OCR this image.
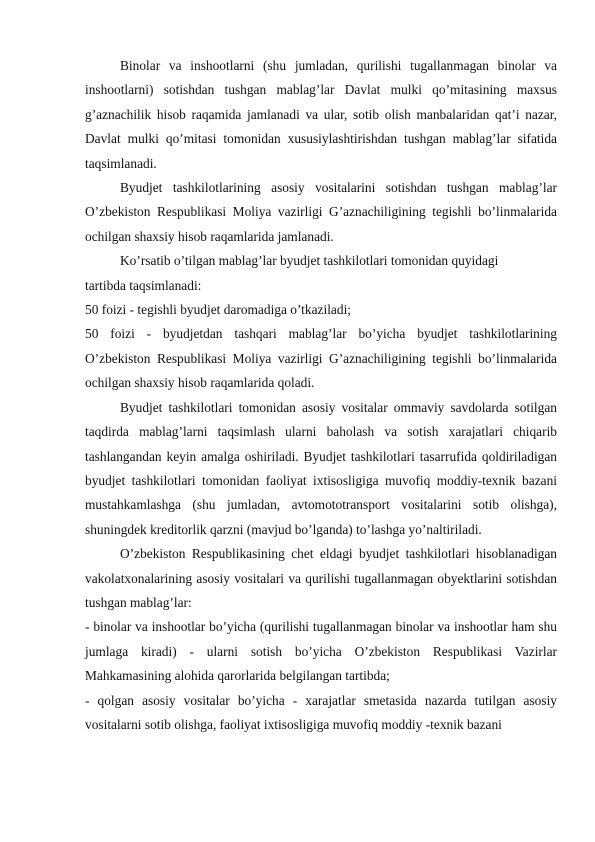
Binolar va inshootlarni (shu jumladan, qurilishi tugallanmagan binolar va inshootlarni) sotishdan tushgan mablag’lar Davlat mulki qo’mitasining maxsus g’aznachilik hisob raqamida jamlanadi va ular, sotib olish manbalaridan qat’i nazar, Davlat mulki qo’mitasi tomonidan xususiylashtirishdan tushgan mablag’lar sifatida taqsimlanadi.

Byudjet tashkilotlarining asosiy vositalarini sotishdan tushgan mablag’lar O’zbekiston Respublikasi Moliya vazirligi G’aznachiligining tegishli bo’linmalarida ochilgan shaxsiy hisob raqamlarida jamlanadi.

Ko’rsatib o’tilgan mablag’lar byudjet tashkilotlari tomonidan quyidagi

tartibda taqsimlanadi:

50 foizi - tegishli byudjet daromadiga o’tkaziladi;

50 foizi - byudjetdan tashqari mablag’lar bo’yicha byudjet tashkilotlarining O’zbekiston Respublikasi Moliya vazirligi G’aznachiligining tegishli bo’linmalarida ochilgan shaxsiy hisob raqamlarida qoladi.

Byudjet tashkilotlari tomonidan asosiy vositalar ommaviy savdolarda sotilgan taqdirda mablag’larni taqsimlash ularni baholash va sotish xarajatlari chiqarib tashlangandan keyin amalga oshiriladi. Byudjet tashkilotlari tasarrufida qoldiriladigan byudjet tashkilotlari tomonidan faoliyat ixtisosligiga muvofiq moddiy-texnik bazani mustahkamlashga (shu jumladan, avtomototransport vositalarini sotib olishga), shuningdek kreditorlik qarzni (mavjud bo’lganda) to’lashga yo’naltiriladi.

O’zbekiston Respublikasining chet eldagi byudjet tashkilotlari hisoblanadigan vakolatxonalarining asosiy vositalari va qurilishi tugallanmagan obyektlarini sotishdan tushgan mablag’lar:

- binolar va inshootlar bo’yicha (qurilishi tugallanmagan binolar va inshootlar ham shu jumlaga kiradi) - ularni sotish bo’yicha O’zbekiston Respublikasi Vazirlar Mahkamasining alohida qarorlarida belgilangan tartibda;

- qolgan asosiy vositalar bo’yicha - xarajatlar smetasida nazarda tutilgan asosiy vositalarni sotib olishga, faoliyat ixtisosligiga muvofiq moddiy -texnik bazani
